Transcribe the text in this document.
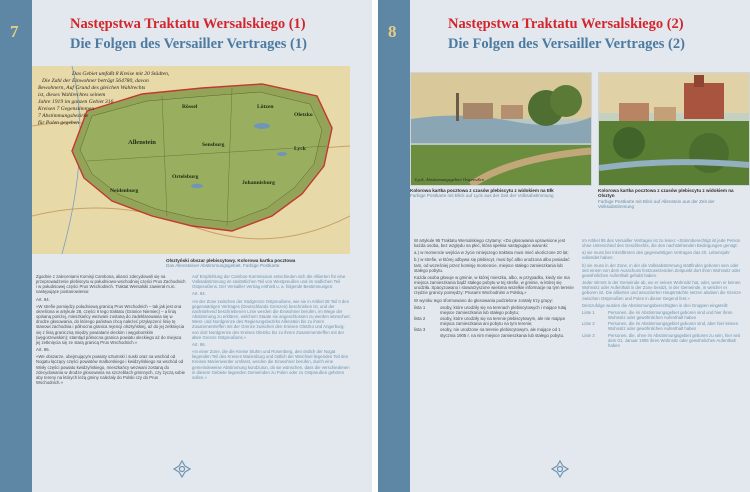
7	Następstwa Traktatu Wersalskiego (1)
Die Folgen des Versailler Vertrages (1)
Das Gebiet umfaßt 8 Kreise mit 20 Städten,
Die Zahl der Einwohner beträgt 564780, davon
Bewohnern, Auf Grund des gleichen Wahlrechts
ist, dieses Wahlrechtes seinem
Jahre 1919 im ganzen Gebiet 316
Kreisen 7 Gegenstimmen
7 Abstimmungsbezirke
für Polen gegeben
Allenstein
Oletzko
Lyck
Johannisburg
Sensburg
Ortelsburg
Neidenburg
Rössel	Lötzen
Olsztyński obszar plebiscytowy. Kolorowa kartka pocztowa
Das Allensteiner Abstimmungsgebiet. Farbige Postkarte

Zgodnie z zaleceniami Komisji Cambona, alianci zdecydowali się na przeprowadzenie plebiscytu w południowo-wschodniej części Prus Zachodnich i w południowej części Prus Wschodnich. Traktat Wersalski zawierał m.in. następujące postanowienia:

Art. 94.

«W strefie pomiędzy południową granicą Prus Wschodnich – tak jak jest ona określona w artykule 28, części II tego traktatu (Granice Niemiec) – a linią opisaną poniżej, mieszkańcy wezwani zostaną do zadeklarowania się w drodze głosowania, do którego państwa chcą należeć przyłączeni: linię tę stanowi zachodnia i północna granica rejencji olsztyńskiej, aż do jej zetknięcia się z linią graniczną między powiatami oleckim i węgoborskim (węgorzewskim); stamtąd północna granica powiatu oleckiego aż do miejsca jej zetknięcia się ze starą granicą Prus Wschodnich.»

Art. 96.

«We obszarze, obejmującym powiaty sztumski i suski oraz na wschód od Nogatu łączący części powiatów malborskiego i kwidzyńskiego na wschód od Wisły części powiatu kwidzyńskiego, mieszkańcy wezwani zostaną do zdecydowania w drodze głosowania na szczeblach gminnych, czy życzą sobie aby tereny na których leżą gminy należały do Polski czy do Prus Wschodnich.»

Auf Empfehlung der Cambon-Kommission entschieden sich die Alliierten für eine Volksabstimmung im südöstlichen Teil von Westpreußen und im südlichen Teil Ostpreußens. Der Versailler Vertrag enthielt u. a. folgende Bestimmungen:

Art. 94.

«In der Zone zwischen der Südgrenze Ostpreußens, wie sie in Artikel 28 Teil II des gegenwärtigen Vertrages (Deutschlands Grenzen) beschrieben ist, und der nachstehend beschriebenen Linie werden die Einwohner berufen, im Wege der Abstimmung zu erklären, welchem Staate sie angeschlossen zu werden wünschen: West- und Nordgrenze des Regierungsbezirks Allenstein bis zu ihrem Zusammentreffen mit der Grenze zwischen den Kreisen Oletzko und Angerburg; von dort Nordgrenze des Kreises Oletzko bis zu ihrem Zusammentreffen mit der alten Grenze Ostpreußens.»

Art. 96.

«In einer Zone, die die Kreise Stuhm und Rosenberg, den östlich der Nogat liegenden Teil des Kreises Marienburg und östlich der Weichsel liegenden Teil des Kreises Marienwerder umfasst, werden die Einwohner berufen, durch eine gemeindeweise Abstimmung kundzutun, ob sie wünschen, dass die verschiedenen in diesem Gebiete liegenden Gemeinden zu Polen oder zu Ostpreußen gehören sollen.»

8	Następstwa Traktatu Wersalskiego (2)
Die Folgen des Versailler Vertrages (2)
Lyck, Abstimmungsgebiet Ostpreußen
Kolorowa kartka pocztowa z czasów plebiscytu z widokiem na Ełk
Farbige Postkarte mit Blick auf Lyck aus der Zeit der Volksabstimmung
Kolorowa kartka pocztowa z czasów plebiscytu z widokiem na Olsztyn
Farbige Postkarte mit Blick auf Allenstein aus der Zeit der Volksabstimmung

W artykule 95 Traktatu Wersalskiego czytamy: «Do głosowania uprawnione jest każda osoba, bez względu na płeć, która spełnia następujące warunki:

a.) w momencie wejścia w życie niniejszego traktatu musi mieć ukończone 20 lat;

b.) w strefie, w której odbywa się plebiscyt, musi być albo urodzona albo posiadać tam, od wcześniej przez komisję momencie, miejsce stałego zamieszkania lub stałego pobytu.

Każda osoba głosuje w gminie, w której mieszka, albo, w przypadku, kiedy nie ma miejsca zamieszkania bądź stałego pobytu w tej strefie, w gminie, w której się urodziła. Spacyzowano i stowarzyszone wieloma wszelkie informacje na tym terenie rzędzie granicy pomiędzy: Prusami Wschodnimi a Polską.»

W wyniku tego sformowano do głosowania podzielone zostały trzy grupy:

lista 1	osoby, które urodziły się na terenach plebiscytowych i mające tutaj miejsce zamieszkania lub stałego pobytu;
lista 2	osoby, które urodziły się na terenie plebiscytowym, ale nie mające miejsca zamieszkania ani pobytu na tym terenie;
lista 3	osoby, nie urodzone na terenie plebiscytowym, ale mające od 1 stycznia 1905 r. na nim miejsce zamieszkania lub stałego pobytu.

Im Artikel 95 des Versailler Vertrages ist zu lesen: «Stimmberechtigt ist jede Person ohne Unterschied des Geschlechts, die den nachstehenden Bedingungen genügt:

a) sie muss bei Inkrafttreten des gegenwärtigen Vertrages das 20. Lebensjahr vollendet haben;

b) sie muss in der Zone, in der die Volksabstimmung stattfinden geboren sein oder seit einem von dem Ausschuss festzusetzenden Zeitpunkt dort ihren Wohnsitz oder gewöhnlichen Aufenthalt gehabt haben.

Jeder stimmt in der Gemeinde ab, wo er seinen Wohnsitz hat, oder, wenn er keinen Wohnsitz oder Aufenthalt in der Zone besitzt, in der Gemeinde, in welcher er geboren ist. Die alliierten und assoziierten Hauptmächte setzen alsdann die Grenze zwischen Ostpreußen und Polen in dieser Gegend fest.»

Demzufolge wurden die Abstimmungsberechtigten in drei Gruppen eingeteilt:

Liste 1	Personen, die im Abstimmungsgebiet geboren sind und hier ihren Wohnsitz oder gewöhnlichen Aufenthalt haben
Liste 2	Personen, die im Abstimmungsgebiet geboren sind, aber hier keinen Wohnsitz oder gewöhnlichen Aufenthalt haben
Liste 3	Personen, die, ohne im Abstimmungsgebiet geboren zu sein, hier seit dem 01. Januar 1905 ihren Wohnsitz oder gewöhnlichen Aufenthalt haben
